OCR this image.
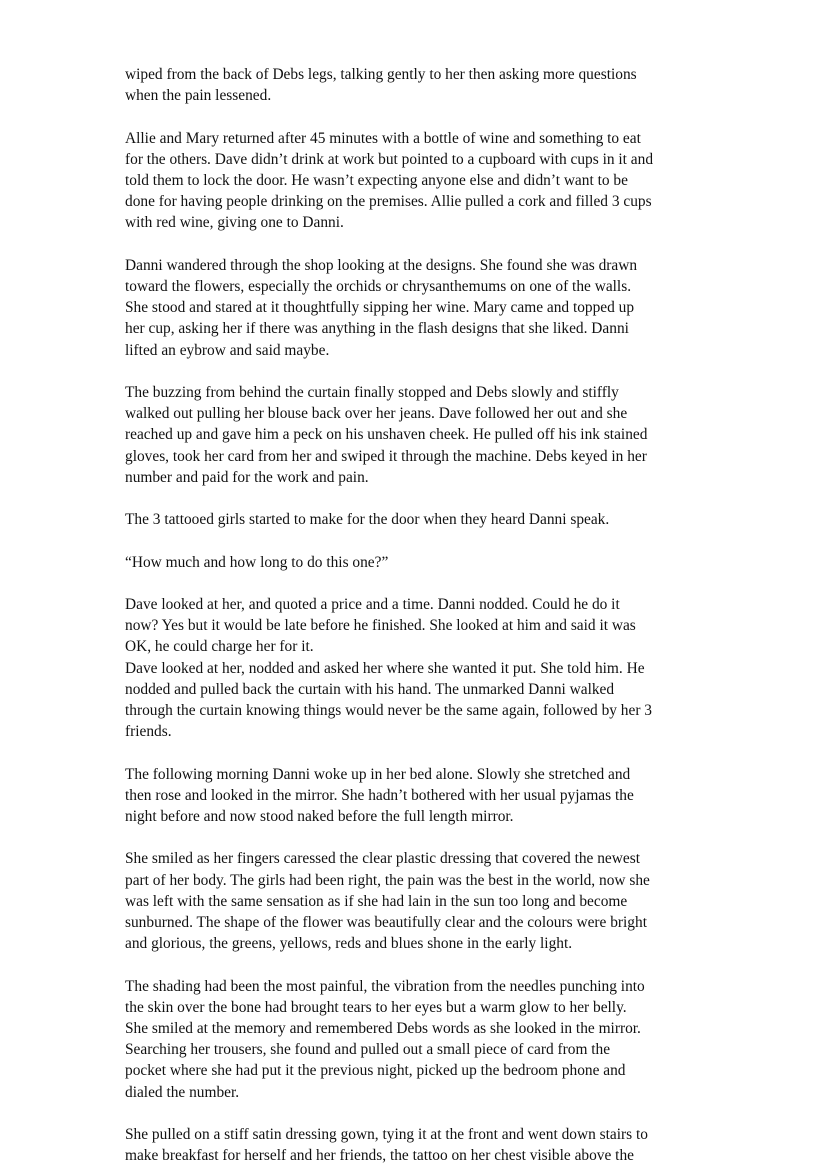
wiped from the back of Debs legs, talking gently to her then asking more questions
when the pain lessened.

Allie and Mary returned after 45 minutes with a bottle of wine and something to eat
for the others. Dave didn’t drink at work but pointed to a cupboard with cups in it and
told them to lock the door. He wasn’t expecting anyone else and didn’t want to be
done for having people drinking on the premises. Allie pulled a cork and filled 3 cups
with red wine, giving one to Danni.

Danni wandered through the shop looking at the designs. She found she was drawn
toward the flowers, especially the orchids or chrysanthemums on one of the walls.
She stood and stared at it thoughtfully sipping her wine. Mary came and topped up
her cup, asking her if there was anything in the flash designs that she liked. Danni
lifted an eybrow and said maybe.

The buzzing from behind the curtain finally stopped and Debs slowly and stiffly
walked out pulling her blouse back over her jeans. Dave followed her out and she
reached up and gave him a peck on his unshaven cheek. He pulled off his ink stained
gloves, took her card from her and swiped it through the machine. Debs keyed in her
number and paid for the work and pain.

The 3 tattooed girls started to make for the door when they heard Danni speak.

“How much and how long to do this one?”

Dave looked at her, and quoted a price and a time. Danni nodded. Could he do it
now? Yes but it would be late before he finished. She looked at him and said it was
OK, he could charge her for it.

Dave looked at her, nodded and asked her where she wanted it put. She told him. He
nodded and pulled back the curtain with his hand. The unmarked Danni walked
through the curtain knowing things would never be the same again, followed by her 3
friends.

The following morning Danni woke up in her bed alone. Slowly she stretched and
then rose and looked in the mirror. She hadn’t bothered with her usual pyjamas the
night before and now stood naked before the full length mirror.

She smiled as her fingers caressed the clear plastic dressing that covered the newest
part of her body. The girls had been right, the pain was the best in the world, now she
was left with the same sensation as if she had lain in the sun too long and become
sunburned. The shape of the flower was beautifully clear and the colours were bright
and glorious, the greens, yellows, reds and blues shone in the early light.

The shading had been the most painful, the vibration from the needles punching into
the skin over the bone had brought tears to her eyes but a warm glow to her belly.
She smiled at the memory and remembered Debs words as she looked in the mirror.
Searching her trousers, she found and pulled out a small piece of card from the
pocket where she had put it the previous night, picked up the bedroom phone and
dialed the number.

She pulled on a stiff satin dressing gown, tying it at the front and went down stairs to
make breakfast for herself and her friends, the tattoo on her chest visible above the
